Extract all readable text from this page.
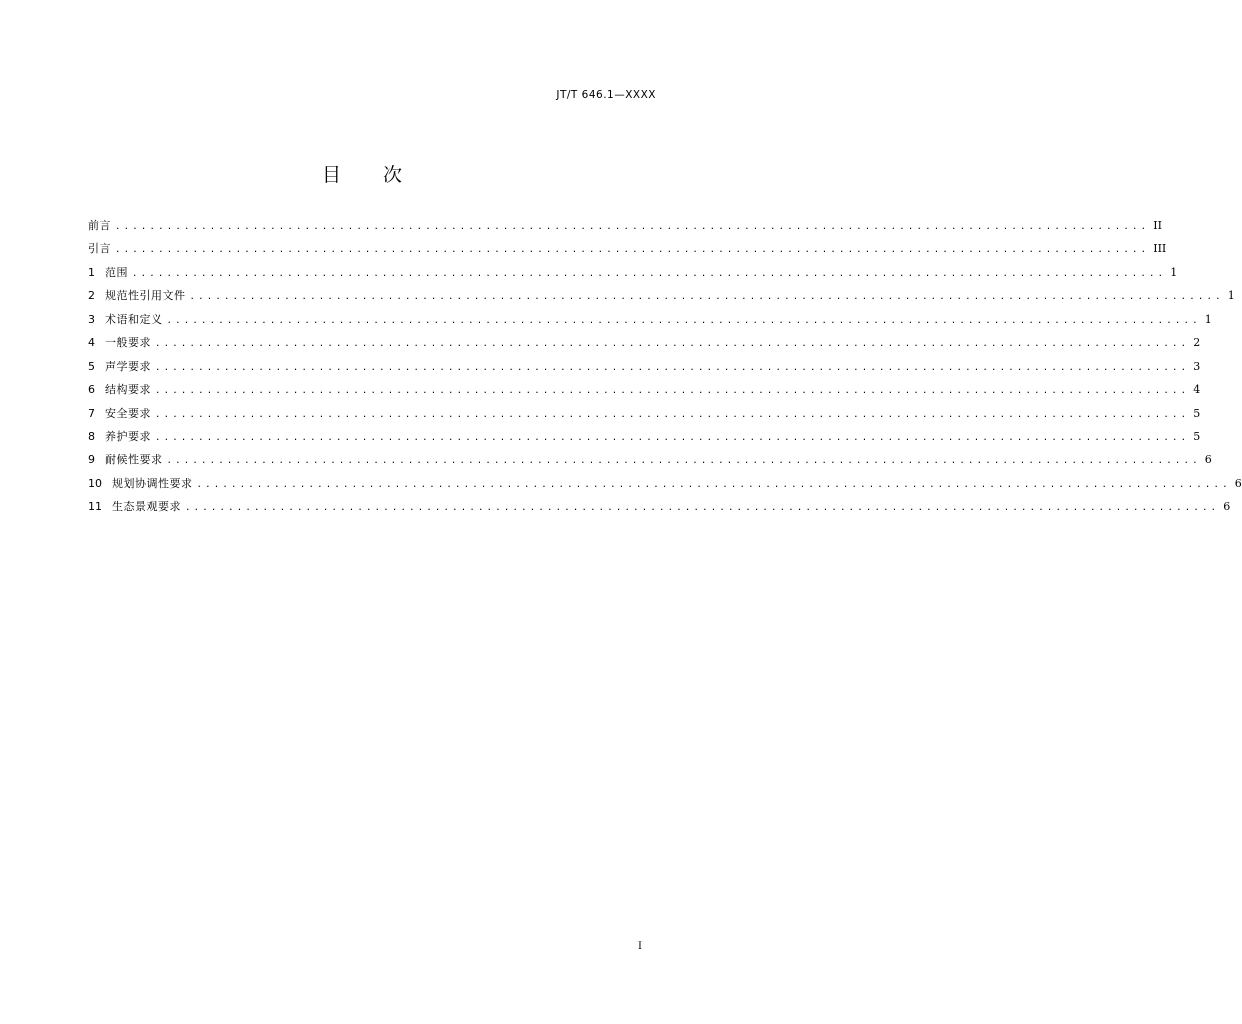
JT/T 646.1—XXXX
目 次
前言 ........................................................................................................................ II
引言 ........................................................................................................................ III
1 范围 ........................................................................................................................ 1
2 规范性引用文件 ........................................................................................................................ 1
3 术语和定义 ........................................................................................................................ 1
4 一般要求 ........................................................................................................................ 2
5 声学要求 ........................................................................................................................ 3
6 结构要求 ........................................................................................................................ 4
7 安全要求 ........................................................................................................................ 5
8 养护要求 ........................................................................................................................ 5
9 耐候性要求 ........................................................................................................................ 6
10 规划协调性要求 ........................................................................................................................ 6
11 生态景观要求 ........................................................................................................................ 6
I
